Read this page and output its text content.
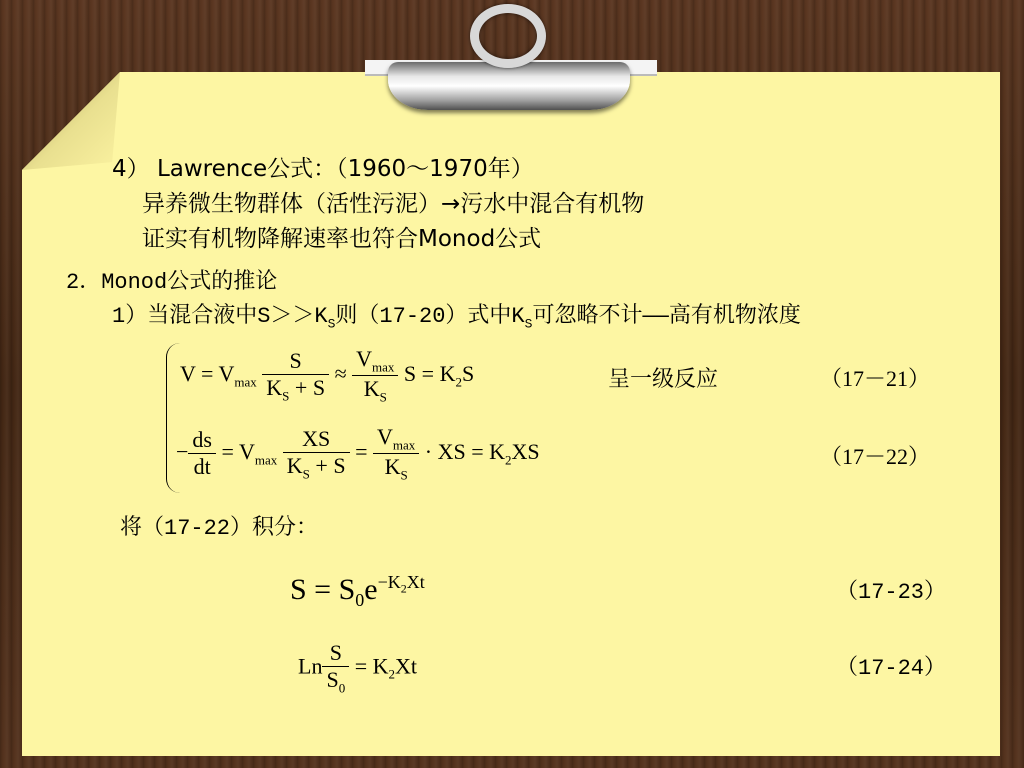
4） Lawrence公式：（1960～1970年）
异养微生物群体（活性污泥）→污水中混合有机物
证实有机物降解速率也符合Monod公式
2．Monod公式的推论
1）当混合液中$S>>K_S$则（17-20）式中$K_S$可忽略不计——高有机物浓度
$V = V_{max} \frac{S}{K_S + S} \approx \frac{V_{max}}{K_S}$ $S = K_2S$	呈一级反应	（17－21）
− $\frac{ds}{dt} = V_{max} \frac{XS}{K_S + S} = \frac{V_{max}}{K_S}$ · XS = $K_2XS$	（17－22）
将（17-22）积分：
$S = S_0e^{-K_2Xt}$	（17-23）
Ln $\frac{S}{S_0} = K_2Xt$	（17-24）
